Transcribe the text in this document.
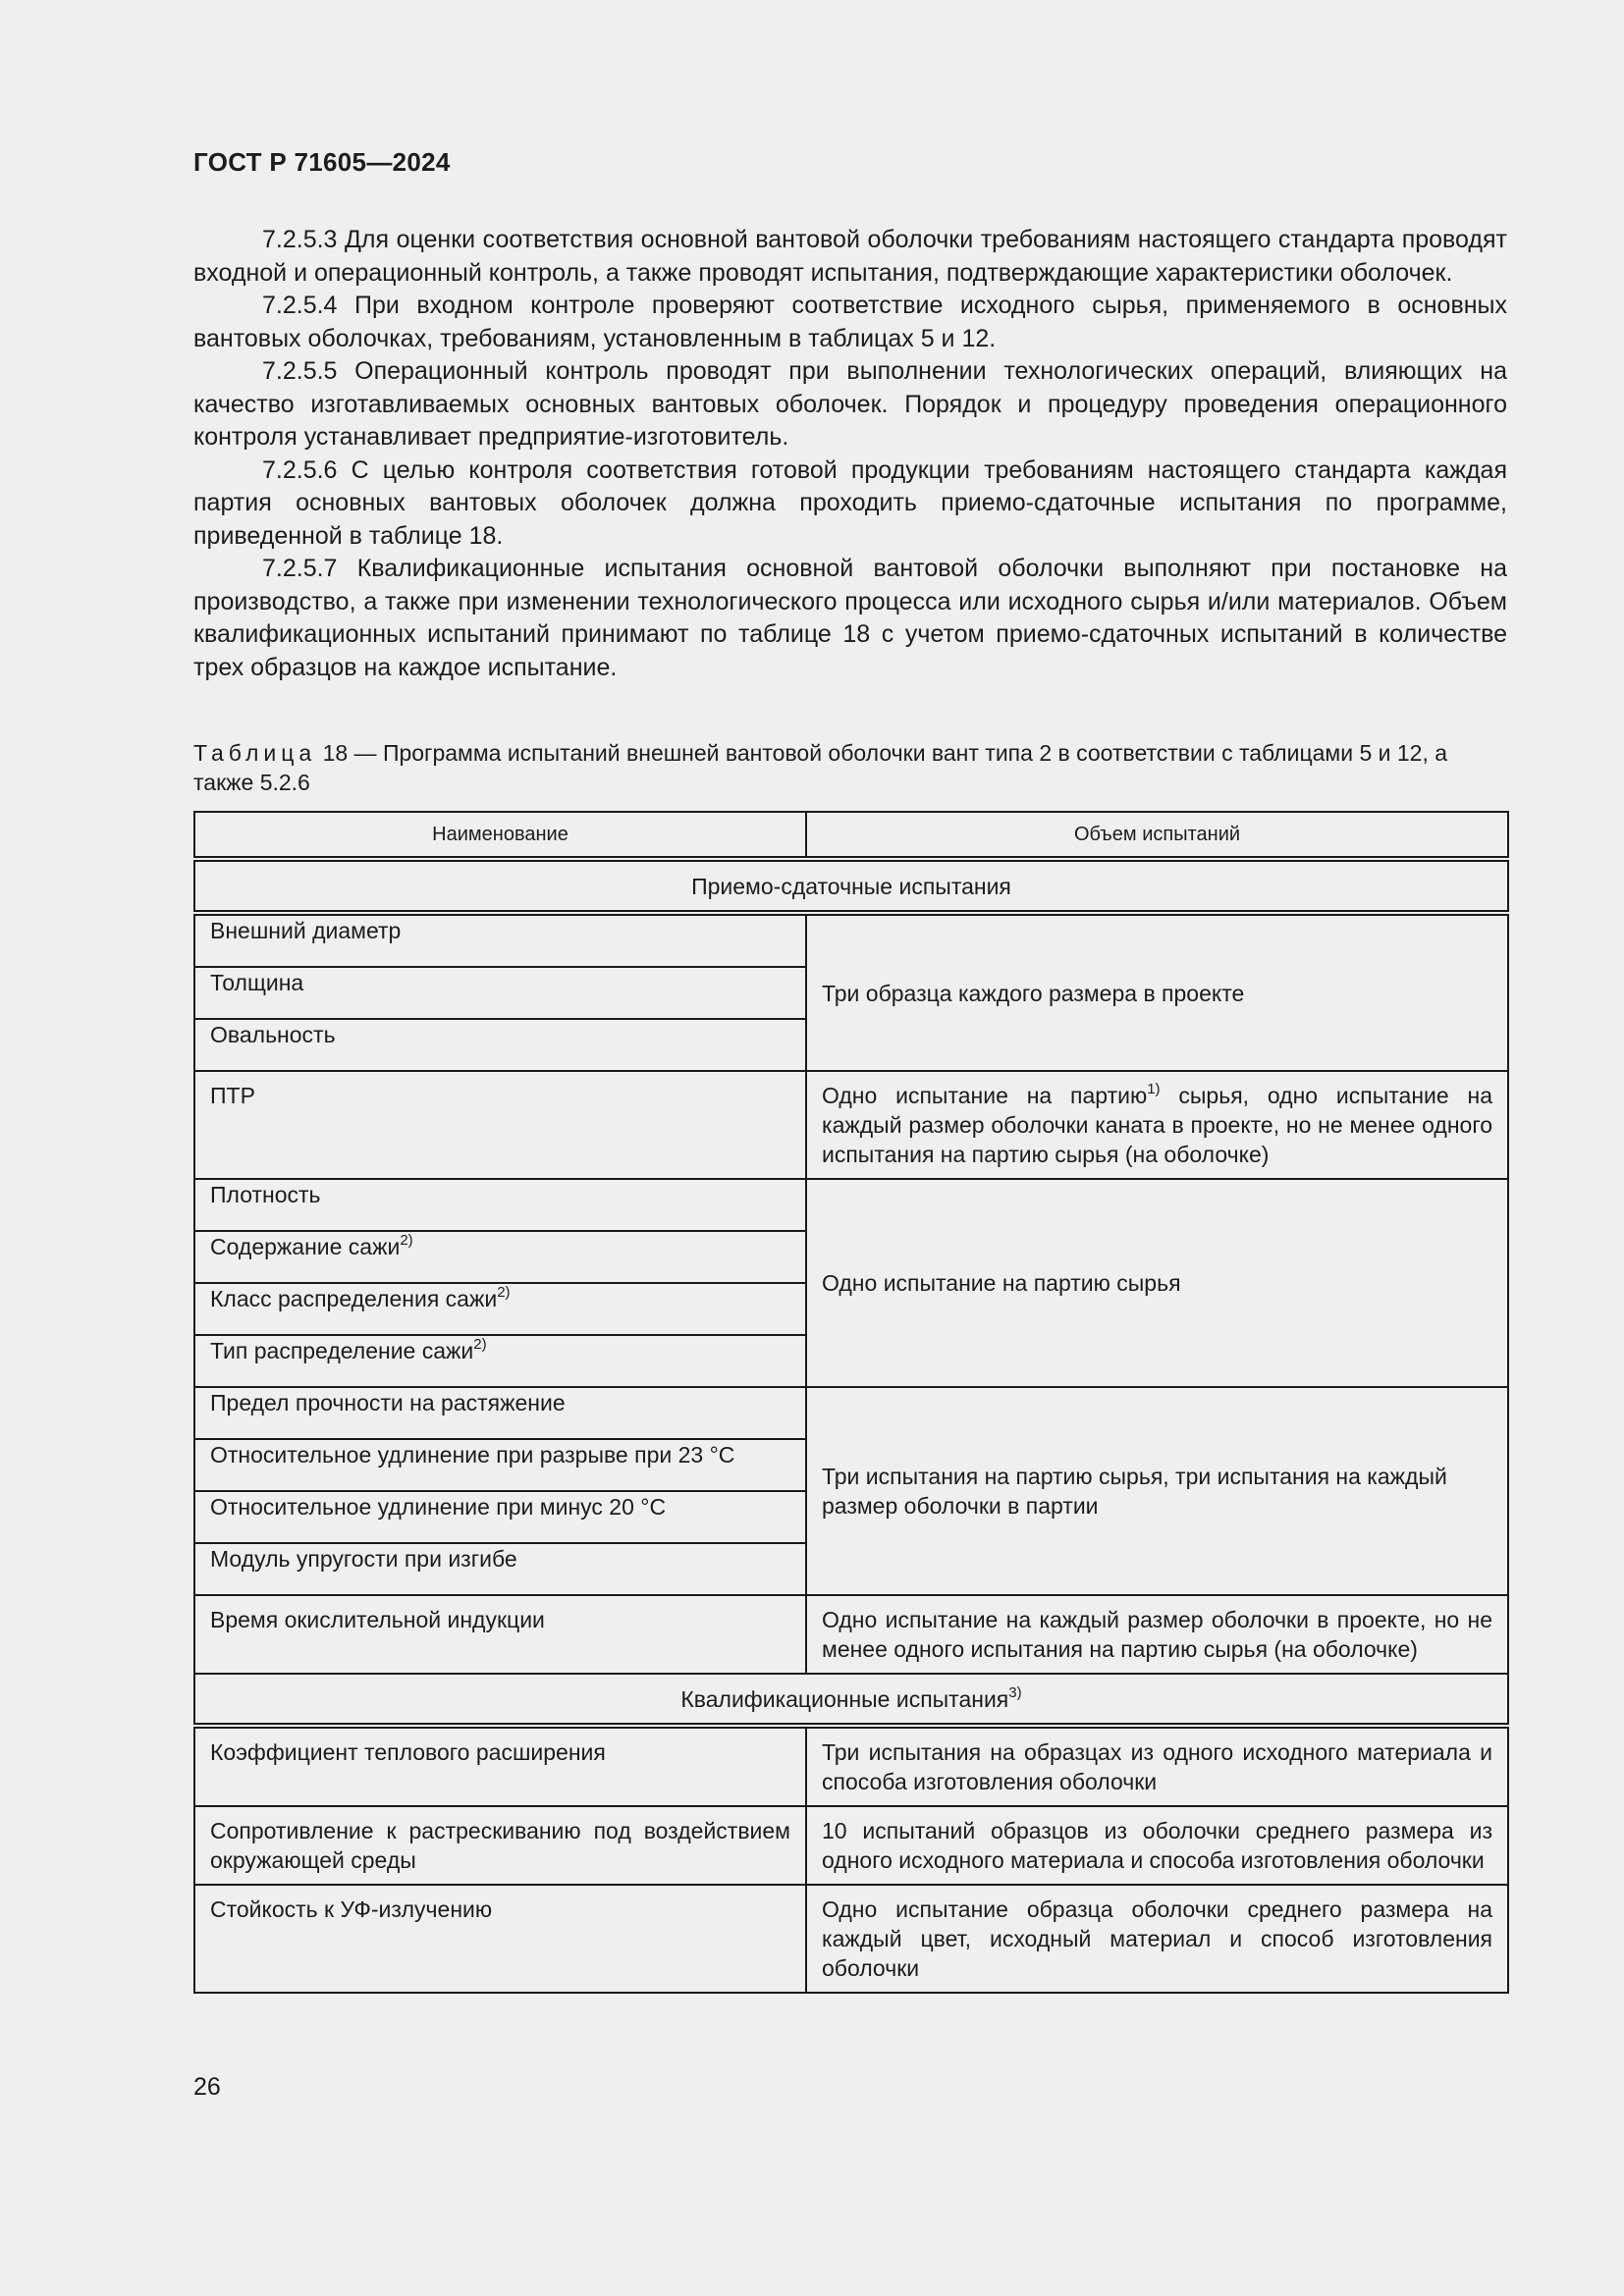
ГОСТ Р 71605—2024

7.2.5.3 Для оценки соответствия основной вантовой оболочки требованиям настоящего стандарта проводят входной и операционный контроль, а также проводят испытания, подтверждающие характеристики оболочек.

7.2.5.4 При входном контроле проверяют соответствие исходного сырья, применяемого в основных вантовых оболочках, требованиям, установленным в таблицах 5 и 12.

7.2.5.5 Операционный контроль проводят при выполнении технологических операций, влияющих на качество изготавливаемых основных вантовых оболочек. Порядок и процедуру проведения операционного контроля устанавливает предприятие-изготовитель.

7.2.5.6 С целью контроля соответствия готовой продукции требованиям настоящего стандарта каждая партия основных вантовых оболочек должна проходить приемо-сдаточные испытания по программе, приведенной в таблице 18.

7.2.5.7 Квалификационные испытания основной вантовой оболочки выполняют при постановке на производство, а также при изменении технологического процесса или исходного сырья и/или материалов. Объем квалификационных испытаний принимают по таблице 18 с учетом приемо-сдаточных испытаний в количестве трех образцов на каждое испытание.

Таблица 18 — Программа испытаний внешней вантовой оболочки вант типа 2 в соответствии с таблицами 5 и 12, а также 5.2.6
Наименование	Объем испытаний
Приемо-сдаточные испытания	
Внешний диаметр	Три образца каждого размера в проекте
Толщина	
Овальность	
ПТР	Одно испытание на партию$^{1)}$ сырья, одно испытание на каждый размер оболочки каната в проекте, но не менее одного испытания на партию сырья (на оболочке)
Плотность	Одно испытание на партию сырья
Содержание сажи$^{2)}$
Класс распределения сажи$^{2)}$
Тип распределение сажи$^{2)}$
Предел прочности на растяжение	Три испытания на партию сырья, три испытания на каждый размер оболочки в партии
Относительное удлинение при разрыве при 23 °С	
Относительное удлинение при минус 20 °С	
Модуль упругости при изгибе	
Время окислительной индукции	Одно испытание на каждый размер оболочки в проекте, но не менее одного испытания на партию сырья (на оболочке)
Квалификационные испытания$^{3)}$
Коэффициент теплового расширения	Три испытания на образцах из одного исходного материала и способа изготовления оболочки
Сопротивление к растрескиванию под воздействием окружающей среды	10 испытаний образцов из оболочки среднего размера из одного исходного материала и способа изготовления оболочки
Стойкость к УФ-излучению	Одно испытание образца оболочки среднего размера на каждый цвет, исходный материал и способ изготовления оболочки
26
